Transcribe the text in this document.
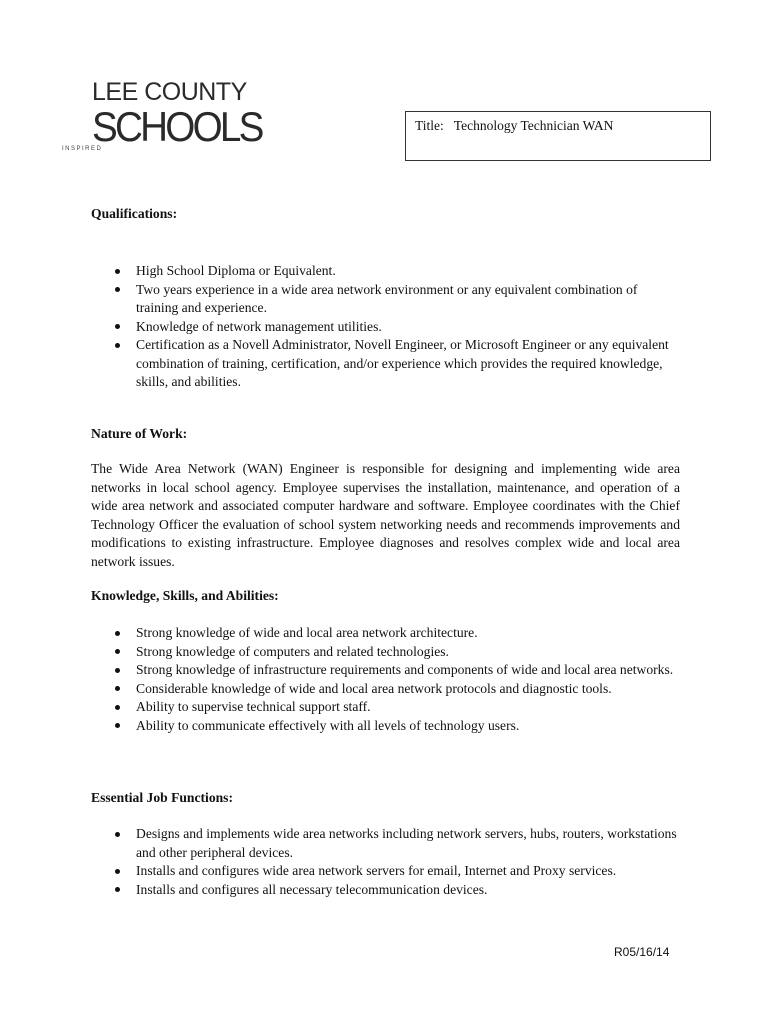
LEE COUNTY
SCHOOLS
INSPIRED
Title: Technology Technician WAN
Qualifications:
High School Diploma or Equivalent.
Two years experience in a wide area network environment or any equivalent combination of training and experience.
Knowledge of network management utilities.
Certification as a Novell Administrator, Novell Engineer, or Microsoft Engineer or any equivalent combination of training, certification, and/or experience which provides the required knowledge, skills, and abilities.
Nature of Work:
The Wide Area Network (WAN) Engineer is responsible for designing and implementing wide area networks in local school agency. Employee supervises the installation, maintenance, and operation of a wide area network and associated computer hardware and software. Employee coordinates with the Chief Technology Officer the evaluation of school system networking needs and recommends improvements and modifications to existing infrastructure. Employee diagnoses and resolves complex wide and local area network issues.
Knowledge, Skills, and Abilities:
Strong knowledge of wide and local area network architecture.
Strong knowledge of computers and related technologies.
Strong knowledge of infrastructure requirements and components of wide and local area networks.
Considerable knowledge of wide and local area network protocols and diagnostic tools.
Ability to supervise technical support staff.
Ability to communicate effectively with all levels of technology users.
Essential Job Functions:
Designs and implements wide area networks including network servers, hubs, routers, workstations and other peripheral devices.
Installs and configures wide area network servers for email, Internet and Proxy services.
Installs and configures all necessary telecommunication devices.
R05/16/14
